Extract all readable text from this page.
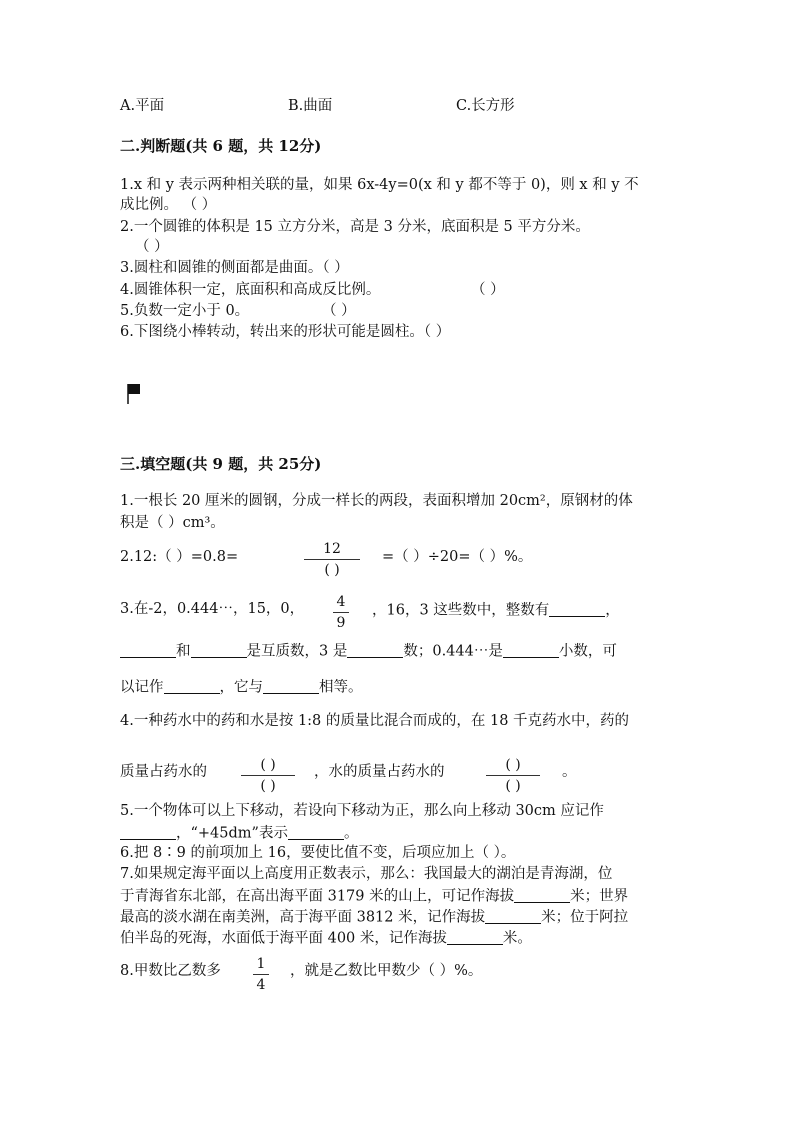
A.平面	B.曲面	C.长方形
二.判断题(共 6 题，共 12分)
1.x 和 y 表示两种相关联的量，如果 6x-4y=0(x 和 y 都不等于 0)，则 x 和 y 不
成比例。 （ ）
2.一个圆锥的体积是 15 立方分米，高是 3 分米，底面积是 5 平方分米。
（ ）
3.圆柱和圆锥的侧面都是曲面。（ ）
4.圆锥体积一定，底面积和高成反比例。	（ ）
5.负数一定小于 0。	（ ）
6.下图绕小棒转动，转出来的形状可能是圆柱。（ ）
三.填空题(共 9 题，共 25分)
1.一根长 20 厘米的圆钢，分成一样长的两段，表面积增加 20cm²，原钢材的体
积是（ ）cm³。
2.12:（ ）=0.8=	12
( )
=（ ）÷20=（ ）%。
3.在-2，0.444⋯，15，0， 4
9
，16，3 这些数中，整数有	，
和	是互质数，3 是	数；0.444⋯是	小数，可
以记作	，它与	相等。
4.一种药水中的药和水是按 1:8 的质量比混合而成的，在 18 千克药水中，药的
质量占药水的	( )
( )
，水的质量占药水的	( )
( )
。
5.一个物体可以上下移动，若设向下移动为正，那么向上移动 30cm 应记作
，“+45dm”表示	。
6.把 8∶9 的前项加上 16，要使比值不变，后项应加上（ ）。
7.如果规定海平面以上高度用正数表示，那么：我国最大的湖泊是青海湖，位
于青海省东北部，在高出海平面 3179 米的山上，可记作海拔	米；世界
最高的淡水湖在南美洲，高于海平面 3812 米，记作海拔	米；位于阿拉
伯半岛的死海，水面低于海平面 400 米，记作海拔	米。
8.甲数比乙数多	1
4
，就是乙数比甲数少（ ）%。
